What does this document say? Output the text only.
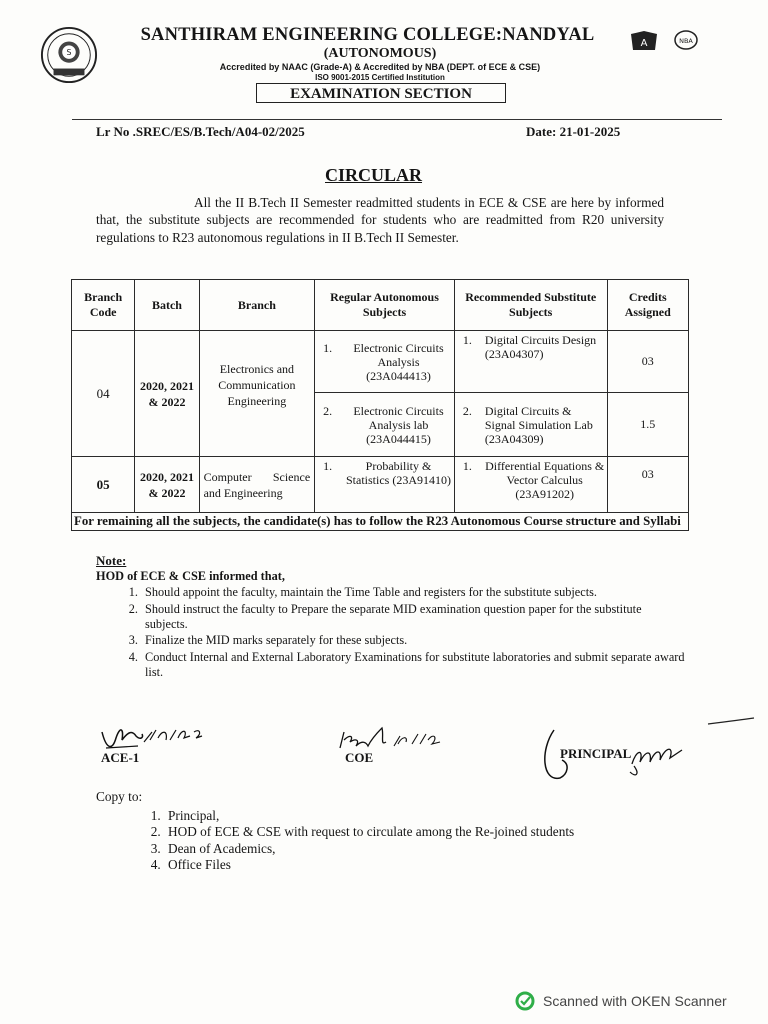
S
SANTHIRAM ENGINEERING COLLEGE:NANDYAL	A	NBA
(AUTONOMOUS)
Accredited by NAAC (Grade-A) & Accredited by NBA (DEPT. of ECE & CSE)
ISO 9001-2015 Certified Institution
EXAMINATION SECTION
Lr No .SREC/ES/B.Tech/A04-02/2025	Date: 21-01-2025
CIRCULAR
All the II B.Tech II Semester readmitted students in ECE & CSE are here by informed that, the substitute subjects are recommended for students who are readmitted from R20 university regulations to R23 autonomous regulations in II B.Tech II Semester.
Branch Code	Batch	Branch	Regular Autonomous Subjects	Recommended Substitute Subjects	Credits Assigned
04	2020, 2021 & 2022	Electronics and Communication Engineering	1. Electronic Circuits Analysis (23A044413)	1. Digital Circuits Design (23A04307)	03

			2. Electronic Circuits Analysis lab (23A044415)	2. Digital Circuits & Signal Simulation Lab (23A04309)	1.5
05	2020, 2021 & 2022	Computer Science and Engineering	1. Probability & Statistics (23A91410)	1. Differential Equations & Vector Calculus (23A91202)	03
For remaining all the subjects, the candidate(s) has to follow the R23 Autonomous Course structure and Syllabi					
Note:
HOD of ECE & CSE informed that,
1. Should appoint the faculty, maintain the Time Table and registers for the substitute subjects.
2. Should instruct the faculty to Prepare the separate MID examination question paper for the substitute subjects.
3. Finalize the MID marks separately for these subjects.
4. Conduct Internal and External Laboratory Examinations for substitute laboratories and submit separate award list.
ACE-1	COE	PRINCIPAL
Copy to:
1. Principal,
2. HOD of ECE & CSE with request to circulate among the Re-joined students
3. Dean of Academics,
4. Office Files
Scanned with OKEN Scanner
